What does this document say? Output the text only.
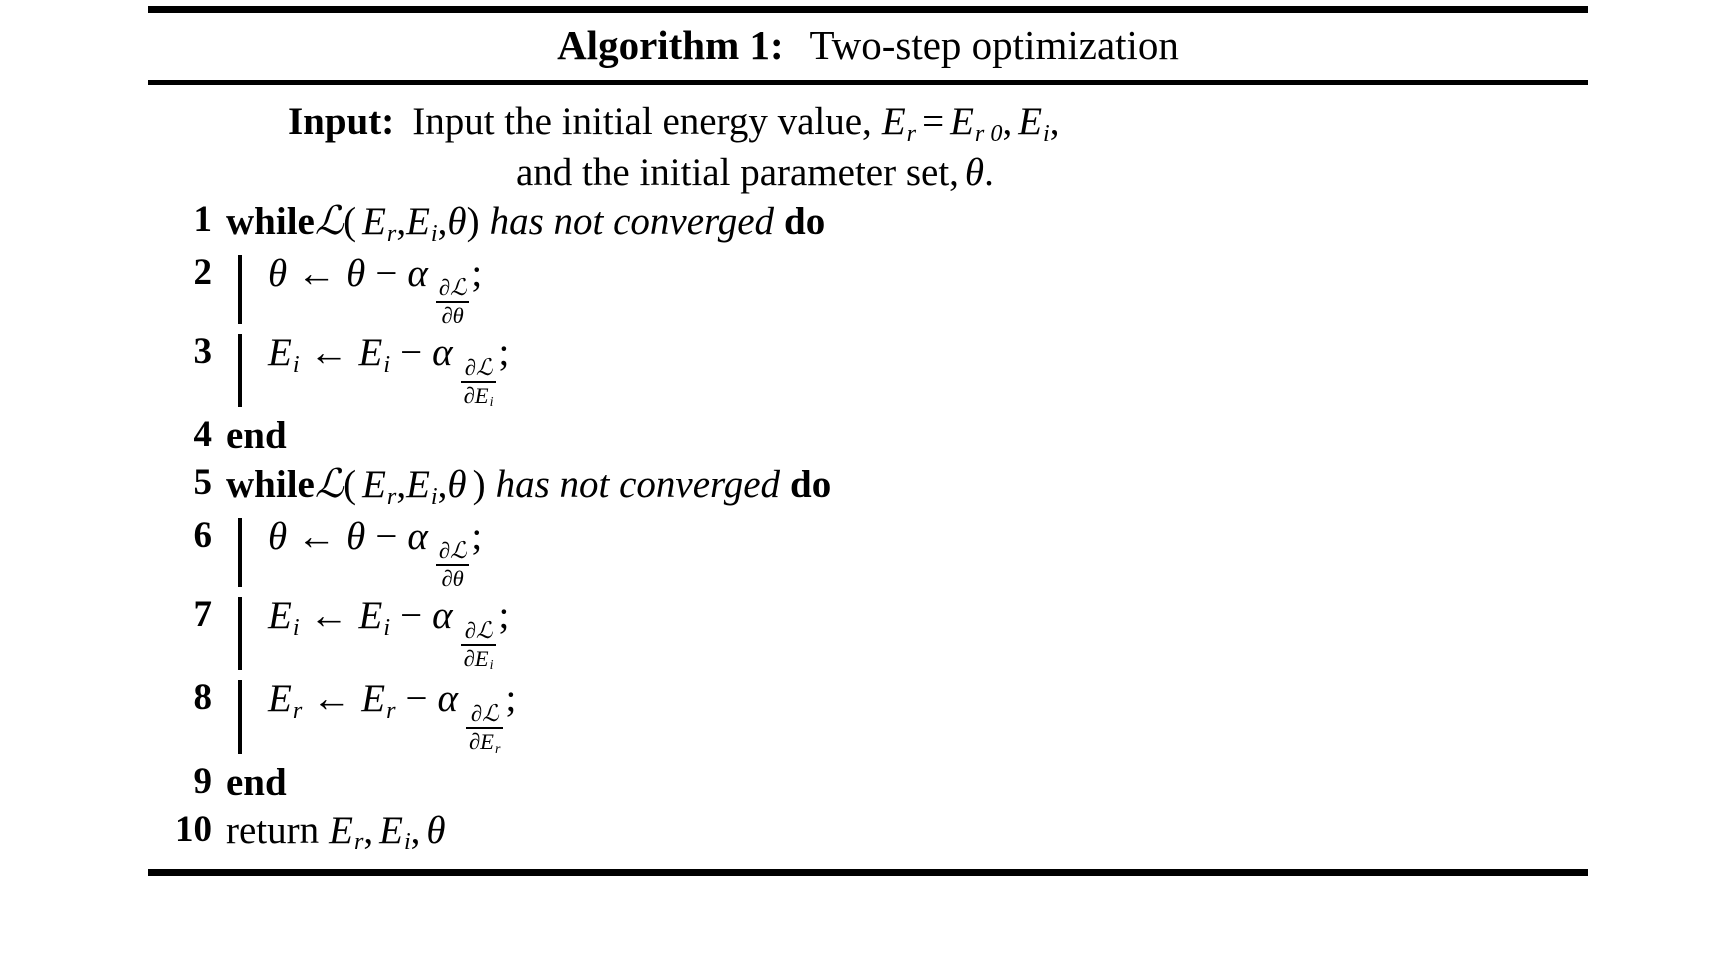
Algorithm 1: Two-step optimization
Input: Input the initial energy value, $E_r = E_{r 0}$, $E_i$,
and the initial parameter set, θ.
1 whileℒ( $E_r,E_i,\theta$) has not converged do
2	θ ← θ − α
$\frac{\text{∂ℒ}}{\partial\theta}$
;
3	$E_i$ ← $E_i - \alpha$
$\frac{\text{∂ℒ}}{\partial E_i}$
;
4 end
5 whileℒ( $E_r,E_i,\theta$ ) has not converged do
6	θ ← θ − α
$\frac{\text{∂ℒ}}{\partial\theta}$
;
7	$E_i$ ← $E_i - \alpha$
$\frac{\text{∂ℒ}}{\partial E_i}$
;
8	$E_r$ ← $E_r - \alpha$
$\frac{\text{∂ℒ}}{\partial E_r}$
;
9 end
10 return $E_r$, $E_i$, θ
